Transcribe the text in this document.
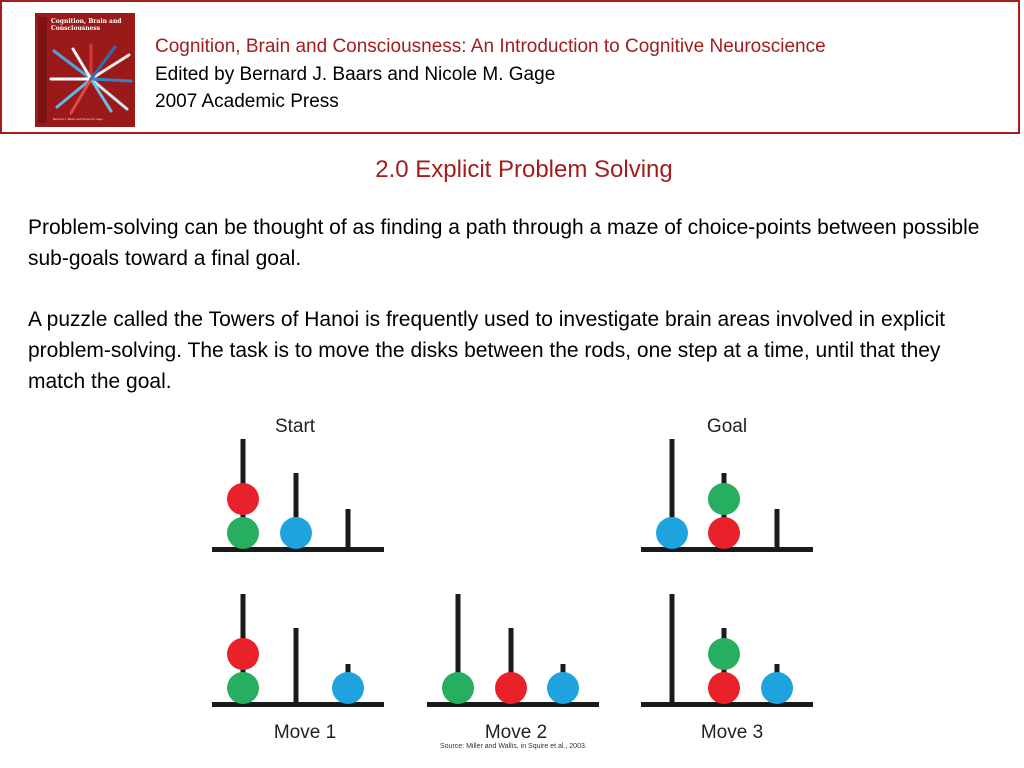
Cognition, Brain and Consciousness
Bernard J. Baars and Nicole M. Gage
Cognition, Brain and Consciousness: An Introduction to Cognitive Neuroscience
Edited by Bernard J. Baars and Nicole M. Gage
2007 Academic Press
2.0 Explicit Problem Solving

Problem-solving can be thought of as finding a path through a maze of choice-points between possible sub-goals toward a final goal.

A puzzle called the Towers of Hanoi is frequently used to investigate brain areas involved in explicit problem-solving. The task is to move the disks between the rods, one step at a time, until that they match the goal.

Start	Goal
Move 1	Move 2	Move 3
Source: Miller and Wallis, in Squire et al., 2003.
